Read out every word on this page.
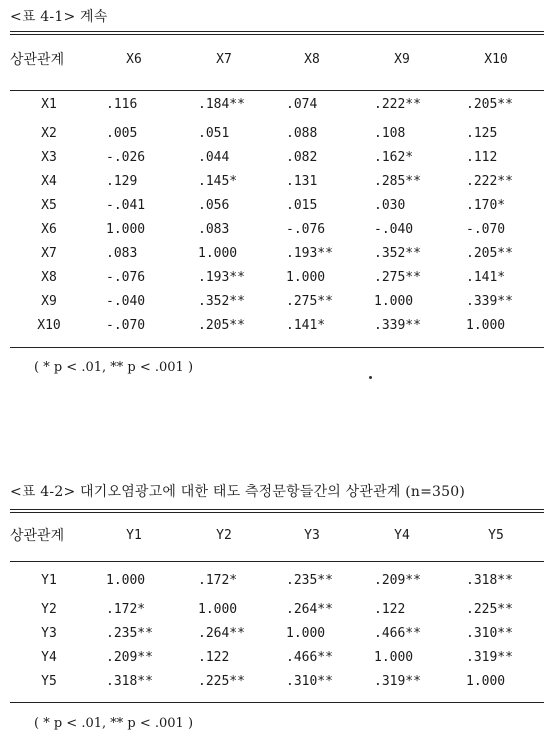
<표 4-1> 계속
상관관계	X6	X7	X8	X9	X10
X1	.116	.184**	.074	.222**	.205**
X2	.005	.051	.088	.108	.125
X3	-.026	.044	.082	.162*	.112
X4	.129	.145*	.131	.285**	.222**
X5	-.041	.056	.015	.030	.170*
X6	1.000	.083	-.076	-.040	-.070
X7	.083	1.000	.193**	.352**	.205**
X8	-.076	.193**	1.000	.275**	.141*
X9	-.040	.352**	.275**	1.000	.339**
X10	-.070	.205**	.141*	.339**	1.000
( * p < .01, ** p < .001 )
<표 4-2> 대기오염광고에 대한 태도 측정문항들간의 상관관계 (n=350)
상관관계	Y1	Y2	Y3	Y4	Y5
Y1	1.000	.172*	.235**	.209**	.318**
Y2	.172*	1.000	.264**	.122	.225**
Y3	.235**	.264**	1.000	.466**	.310**
Y4	.209**	.122	.466**	1.000	.319**
Y5	.318**	.225**	.310**	.319**	1.000
( * p < .01, ** p < .001 )
